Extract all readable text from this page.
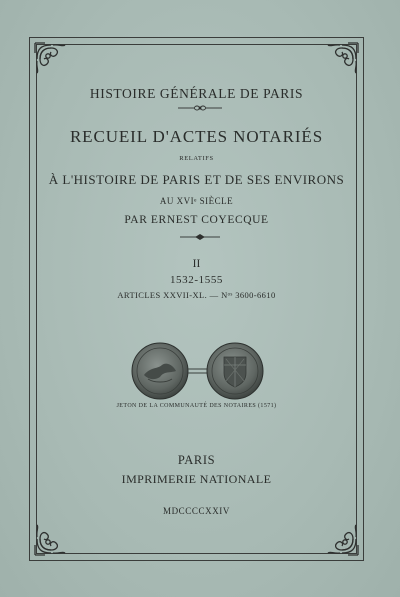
HISTOIRE GÉNÉRALE DE PARIS
RECUEIL D'ACTES NOTARIÉS
RELATIFS
À L'HISTOIRE DE PARIS ET DE SES ENVIRONS
AU XVIᵉ SIÈCLE
PAR ERNEST COYECQUE
II
1532-1555
ARTICLES XXVII-XL. — Nᵒˢ 3600-6610
JETON DE LA COMMUNAUTÉ DES NOTAIRES (1571)
PARIS
IMPRIMERIE NATIONALE
MDCCCCXXIV
